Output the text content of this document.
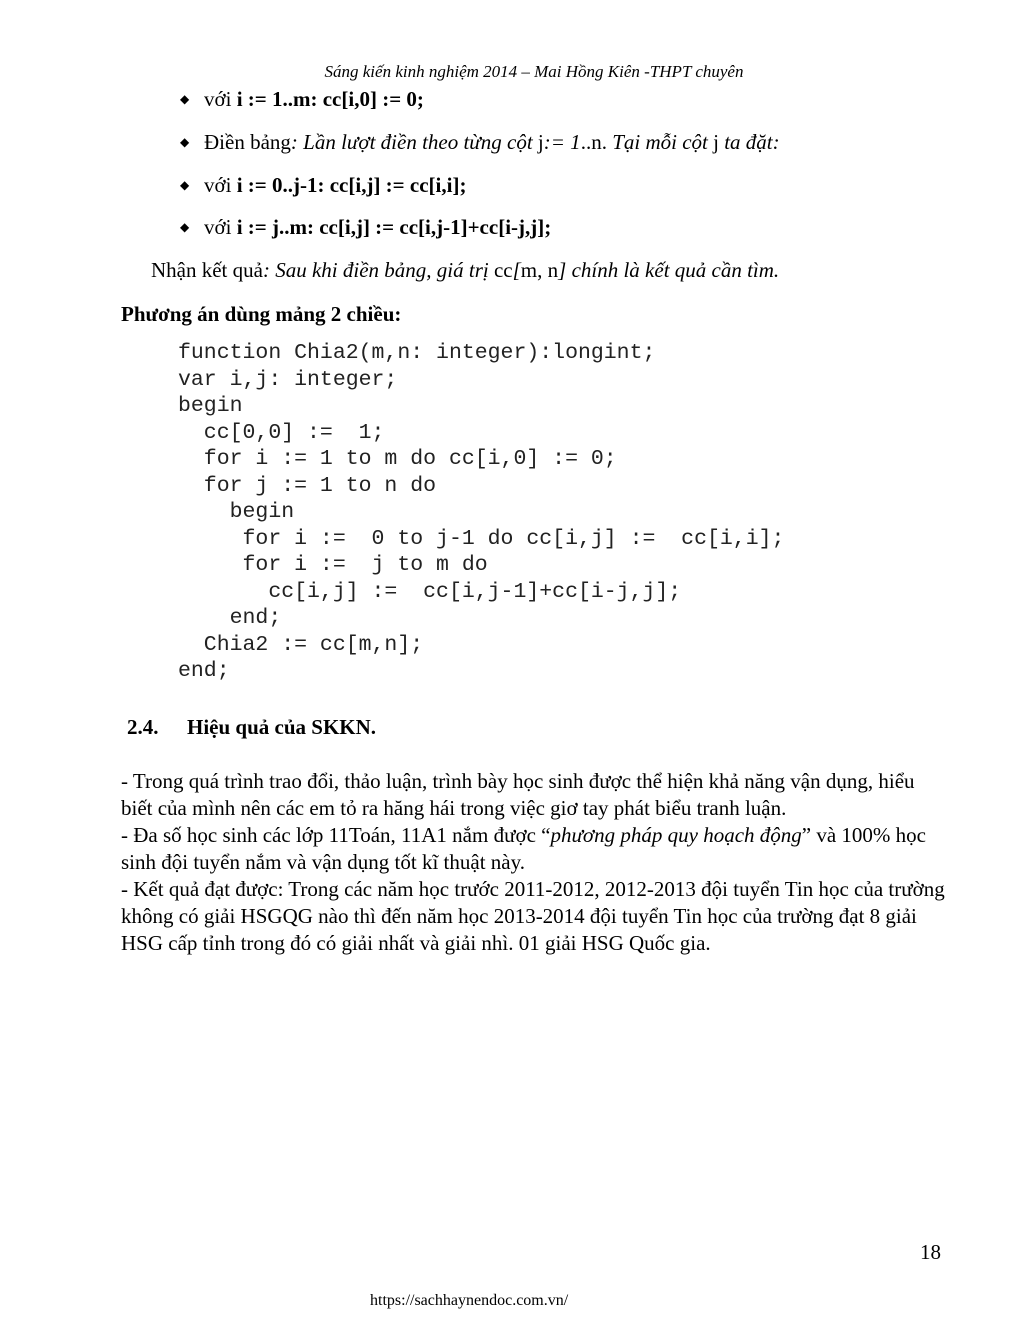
Sáng kiến kinh nghiệm 2014 – Mai Hồng Kiên -THPT chuyên
◆ với i := 1..m: cc[i,0] := 0;
◆ Điền bảng: Lần lượt điền theo từng cột j:= 1..n. Tại mỗi cột j ta đặt:
◆ với i := 0..j-1: cc[i,j] := cc[i,i];
◆ với i := j..m: cc[i,j] := cc[i,j-1]+cc[i-j,j];
Nhận kết quả: Sau khi điền bảng, giá trị cc[m, n] chính là kết quả cần tìm.
Phương án dùng mảng 2 chiều:
function Chia2(m,n: integer):longint;
var i,j: integer;
begin
cc[0,0] :=  1;
for i := 1 to m do cc[i,0] := 0;
for j := 1 to n do
begin
for i :=  0 to j-1 do cc[i,j] :=  cc[i,i];
for i :=  j to m do
cc[i,j] :=  cc[i,j-1]+cc[i-j,j];
end;
Chia2 := cc[m,n];
end;
2.4. Hiệu quả của SKKN.

- Trong quá trình trao đổi, thảo luận, trình bày học sinh được thể hiện khả năng vận dụng, hiểu biết của mình nên các em tỏ ra hăng hái trong việc giơ tay phát biểu tranh luận.

- Đa số học sinh các lớp 11Toán, 11A1 nắm được “phương pháp quy hoạch động” và 100% học sinh đội tuyển nắm và vận dụng tốt kĩ thuật này.

- Kết quả đạt được: Trong các năm học trước 2011-2012, 2012-2013 đội tuyển Tin học của trường không có giải HSGQG nào thì đến năm học 2013-2014 đội tuyển Tin học của trường đạt 8 giải HSG cấp tỉnh trong đó có giải nhất và giải nhì. 01 giải HSG Quốc gia.

18
https://sachhaynendoc.com.vn/
